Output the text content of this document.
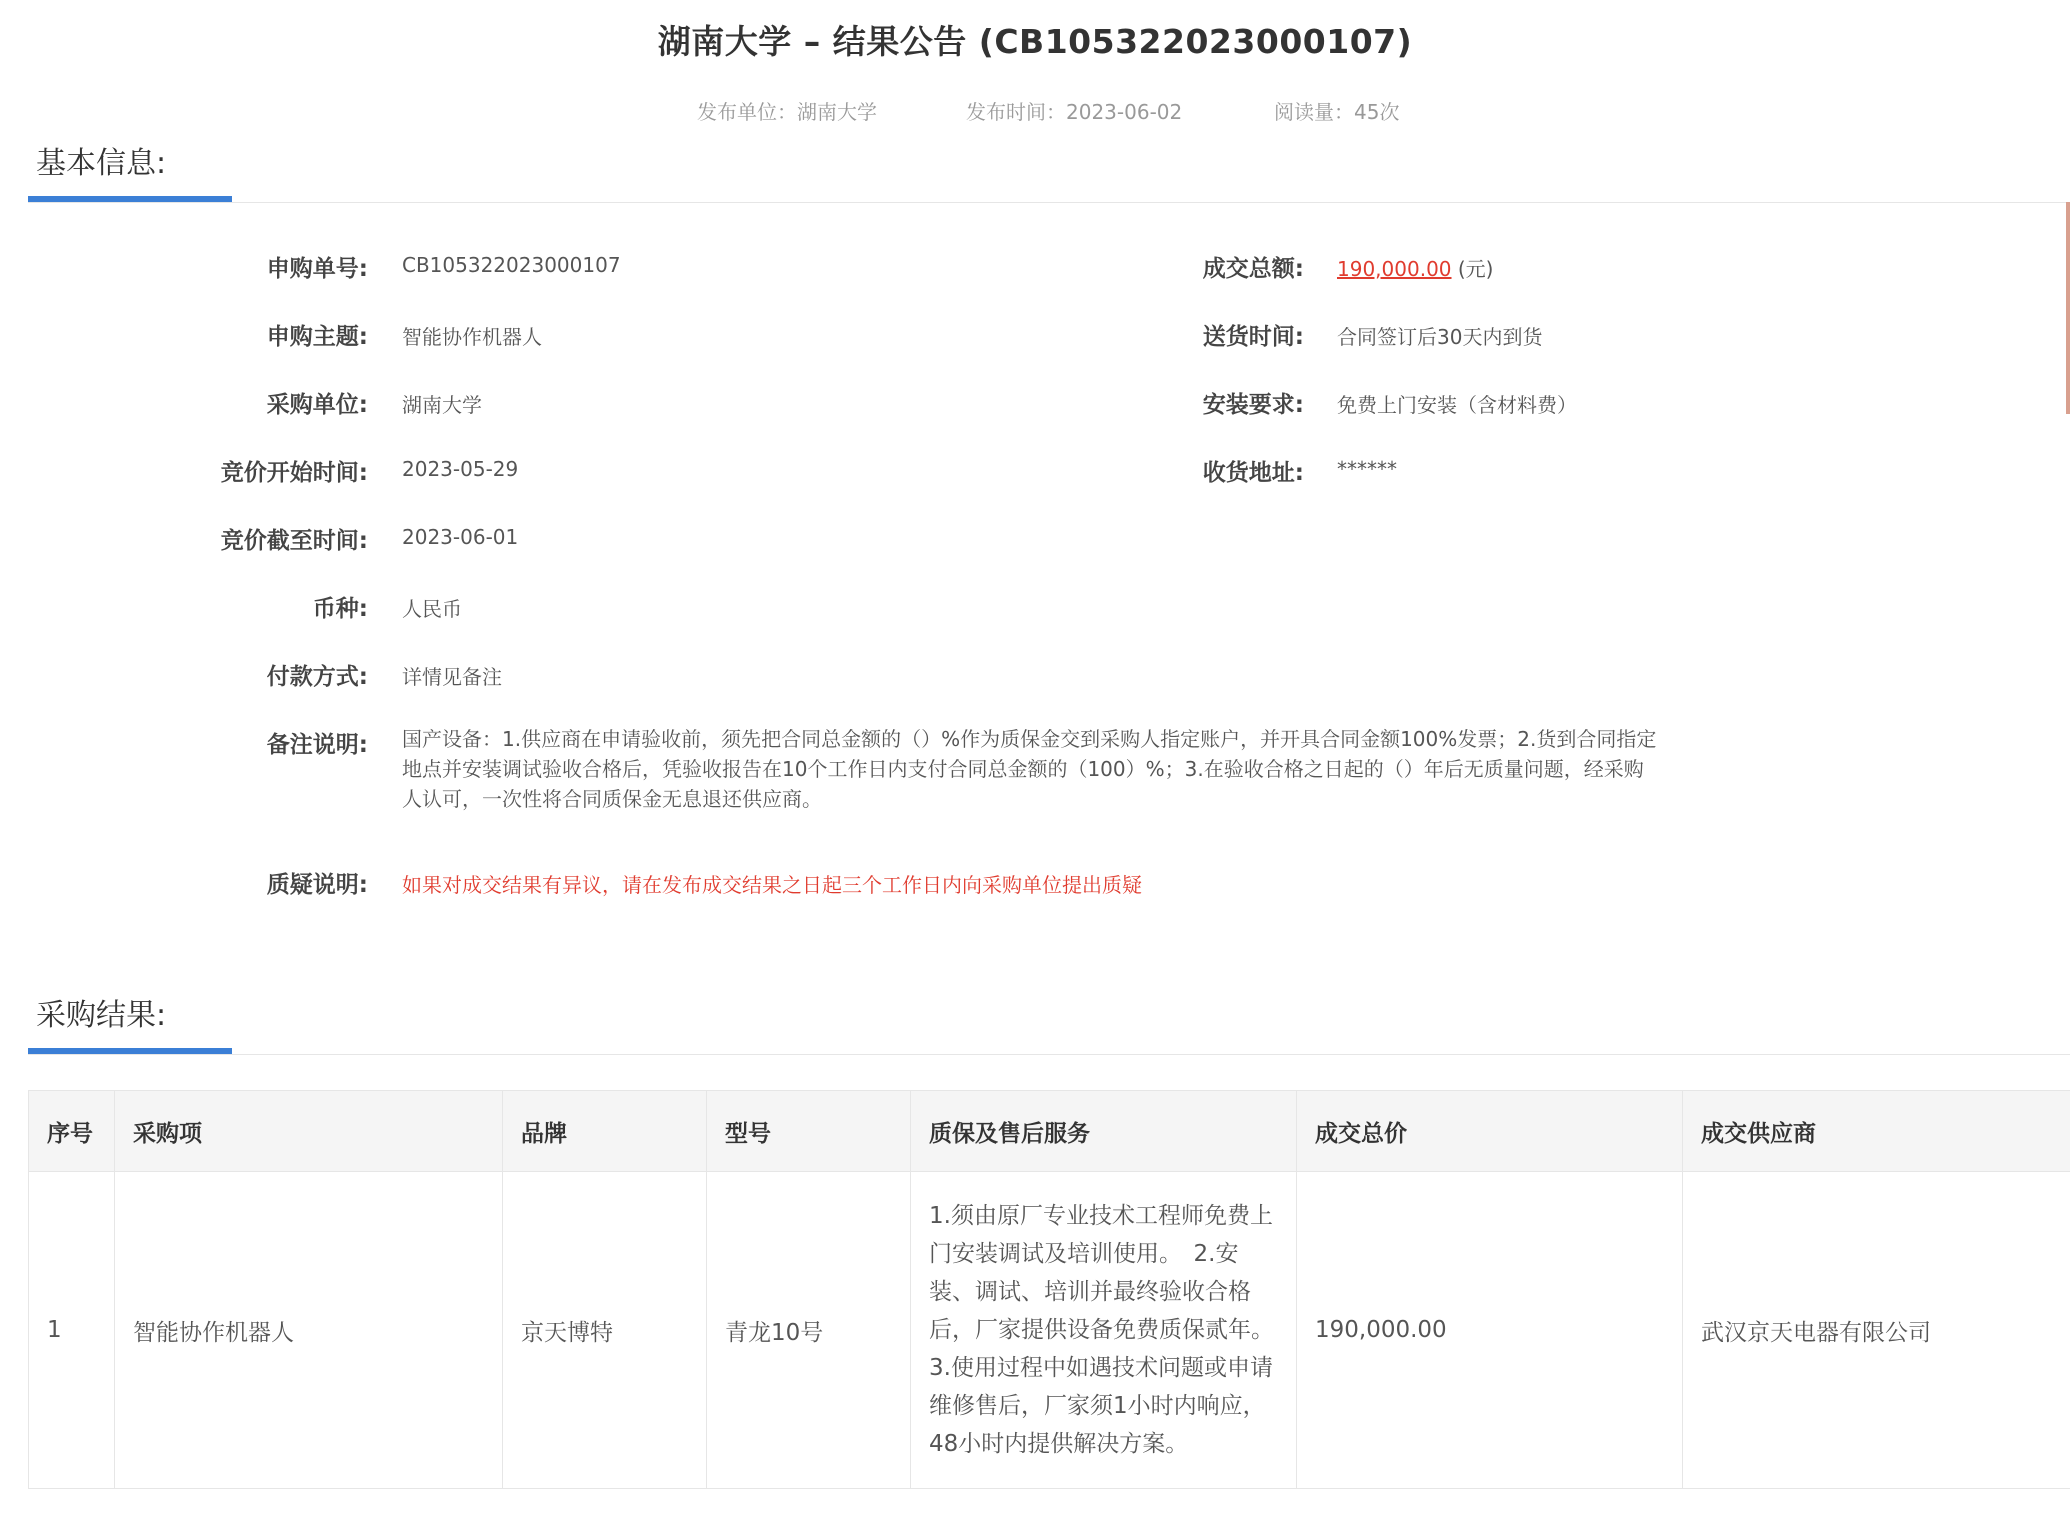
湖南大学 – 结果公告 (CB105322023000107)
发布单位：湖南大学	发布时间：2023-06-02	阅读量：45次
基本信息:
申购单号: CB105322023000107
申购主题: 智能协作机器人
采购单位: 湖南大学
竞价开始时间: 2023-05-29
竞价截至时间: 2023-06-01
币种: 人民币
付款方式: 详情见备注
备注说明: 国产设备：1.供应商在申请验收前，须先把合同总金额的（）%作为质保金交到采购人指定账户，并开具合同金额100%发票；2.货到合同指定地点并安装调试验收合格后，凭验收报告在10个工作日内支付合同总金额的（100）%；3.在验收合格之日起的（）年后无质量问题，经采购人认可，一次性将合同质保金无息退还供应商。
质疑说明: 如果对成交结果有异议，请在发布成交结果之日起三个工作日内向采购单位提出质疑
成交总额: 190,000.00 (元)
送货时间: 合同签订后30天内到货
安装要求: 免费上门安装（含材料费）
收货地址: ******
采购结果:
序号	采购项	品牌	型号	质保及售后服务	成交总价	成交供应商
1	智能协作机器人	京天博特	青龙10号	1.须由原厂专业技术工程师免费上门安装调试及培训使用。　2.安装、调试、培训并最终验收合格后，厂家提供设备免费质保贰年。　3.使用过程中如遇技术问题或申请维修售后，厂家须1小时内响应，48小时内提供解决方案。	190,000.00	武汉京天电器有限公司
